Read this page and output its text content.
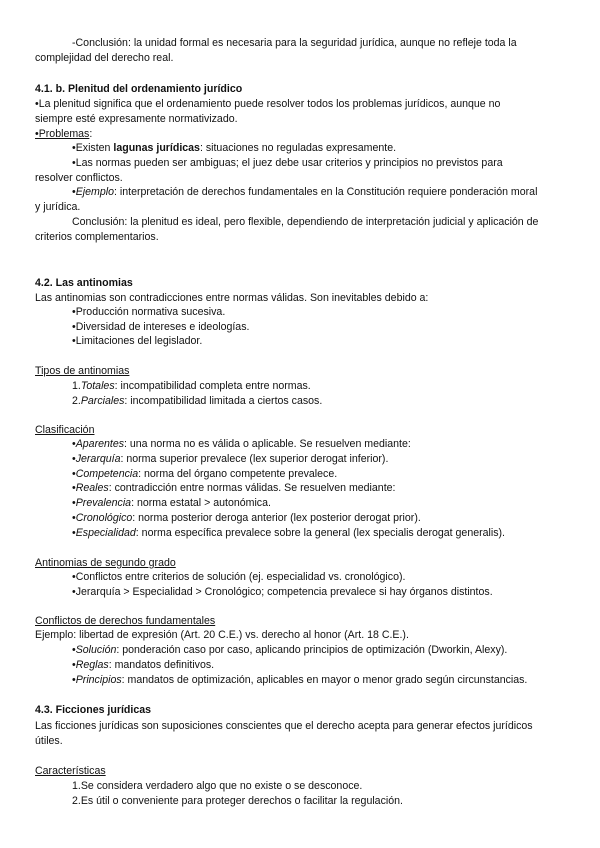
-Conclusión: la unidad formal es necesaria para la seguridad jurídica, aunque no refleje toda la
complejidad del derecho real.
4.1. b. Plenitud del ordenamiento jurídico
•La plenitud significa que el ordenamiento puede resolver todos los problemas jurídicos, aunque no
siempre esté expresamente normativizado.
•Problemas:
•Existen lagunas jurídicas: situaciones no reguladas expresamente.
•Las normas pueden ser ambiguas; el juez debe usar criterios y principios no previstos para
resolver conflictos.
•Ejemplo: interpretación de derechos fundamentales en la Constitución requiere ponderación moral
y jurídica.
Conclusión: la plenitud es ideal, pero flexible, dependiendo de interpretación judicial y aplicación de
criterios complementarios.
4.2. Las antinomias
Las antinomias son contradicciones entre normas válidas. Son inevitables debido a:
•Producción normativa sucesiva.
•Diversidad de intereses e ideologías.
•Limitaciones del legislador.
Tipos de antinomias
1.Totales: incompatibilidad completa entre normas.
2.Parciales: incompatibilidad limitada a ciertos casos.
Clasificación
•Aparentes: una norma no es válida o aplicable. Se resuelven mediante:
•Jerarquía: norma superior prevalece (lex superior derogat inferior).
•Competencia: norma del órgano competente prevalece.
•Reales: contradicción entre normas válidas. Se resuelven mediante:
•Prevalencia: norma estatal > autonómica.
•Cronológico: norma posterior deroga anterior (lex posterior derogat prior).
•Especialidad: norma específica prevalece sobre la general (lex specialis derogat generalis).
Antinomias de segundo grado
•Conflictos entre criterios de solución (ej. especialidad vs. cronológico).
•Jerarquía > Especialidad > Cronológico; competencia prevalece si hay órganos distintos.
Conflictos de derechos fundamentales
Ejemplo: libertad de expresión (Art. 20 C.E.) vs. derecho al honor (Art. 18 C.E.).
•Solución: ponderación caso por caso, aplicando principios de optimización (Dworkin, Alexy).
•Reglas: mandatos definitivos.
•Principios: mandatos de optimización, aplicables en mayor o menor grado según circunstancias.
4.3. Ficciones jurídicas
Las ficciones jurídicas son suposiciones conscientes que el derecho acepta para generar efectos jurídicos
útiles.
Características
1.Se considera verdadero algo que no existe o se desconoce.
2.Es útil o conveniente para proteger derechos o facilitar la regulación.
